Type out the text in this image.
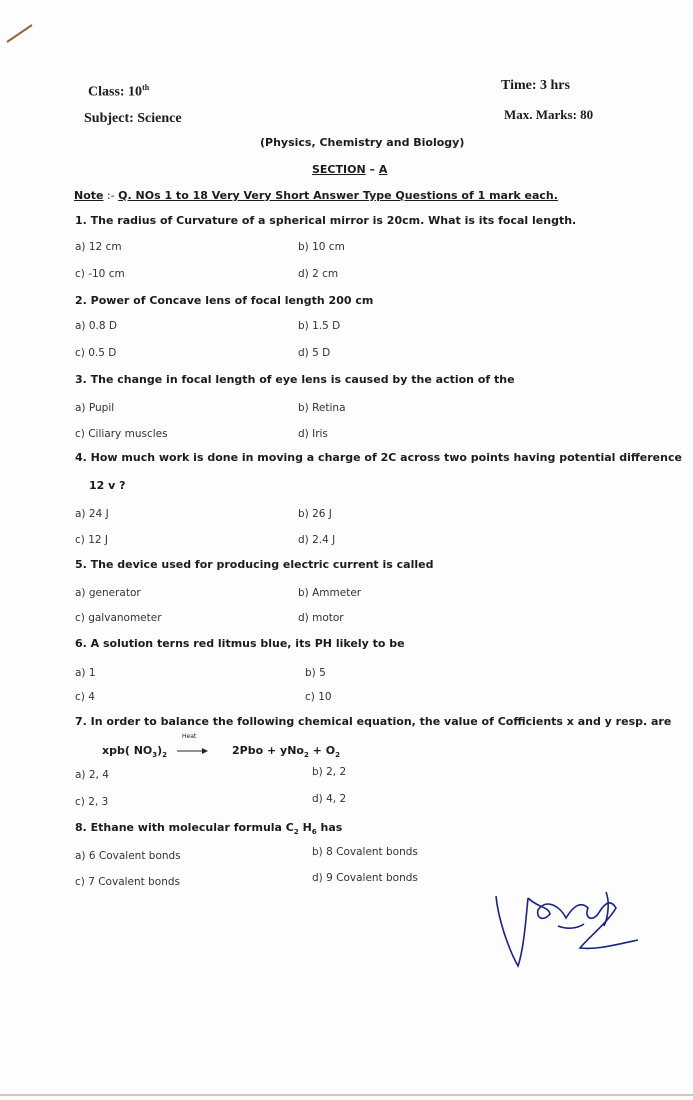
Class: 10th	Time: 3 hrs
Subject: Science	Max. Marks: 80
(Physics, Chemistry and Biology)
SECTION – A
Note :- Q. NOs 1 to 18 Very Very Short Answer Type Questions of 1 mark each.
1. The radius of Curvature of a spherical mirror is 20cm. What is its focal length.
a) 12 cm	b) 10 cm
c) -10 cm	d) 2 cm
2. Power of Concave lens of focal length 200 cm
a) 0.8 D	b) 1.5 D
c) 0.5 D	d) 5 D
3. The change in focal length of eye lens is caused by the action of the
a) Pupil	b) Retina
c) Ciliary muscles	d) Iris
4. How much work is done in moving a charge of 2C across two points having potential difference
12 v ?
a) 24 J	b) 26 J
c) 12 J	d) 2.4 J
5. The device used for producing electric current is called
a) generator	b) Ammeter
c) galvanometer	d) motor
6. A solution terns red litmus blue, its PH likely to be
a) 1	b) 5
c) 4	c) 10
7. In order to balance the following chemical equation, the value of Cofficients x and y resp. are
xpb( $NO_3)_2$
Heat
$2Pbo + yNo_2 + O_2$
a) 2, 4	b) 2, 2
c) 2, 3	d) 4, 2
8. Ethane with molecular formula $C_2$ $H_6$ has
a) 6 Covalent bonds	b) 8 Covalent bonds
c) 7 Covalent bonds	d) 9 Covalent bonds
